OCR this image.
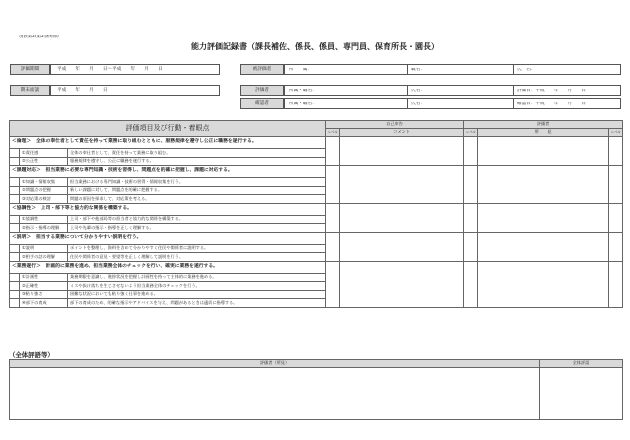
別表第2(第2条関係)
能力評価記録書（課長補佐、係長、係員、専門員、保育所長・園長）
評価期間	平成　　年　　月　　日〜平成　　年　　月　　日	被評価者	所　　属：	職名：	氏　名：
期末面談	平成　　年　　月　　日	評価者	所属・職名：	氏名：	評価日：平成　　年　　月　　日
確認者	所属・職名：	氏名：	確認日：平成　　年　　月　　日
評価項目及び行動・着眼点			自己申告		評価者		
			レベル	コメント	レベル	所　　見	レベル
＜倫理＞　全体の奉仕者として責任を持って業務に取り組むとともに、服務規律を遵守し公正に職務を遂行する。							
	①責任感	全体の奉仕者として、責任を持って業務に取り組む。					
	②公正性	服務規律を遵守し、公正に職務を遂行する。					
＜課題対応＞　担当業務に必要な専門知識・技術を習得し、問題点を的確に把握し、課題に対応する。							
	①知識・情報収集	担当業務における専門知識・技術の習得・情報収集を行う。					
	②問題点の把握	新しい課題に対して、問題点を的確に把握する。					
	③対応策の検討	問題の原因を探求して、対応策を考える。					
＜協調性＞　上司・部下等と協力的な関係を構築する。							
	①協調性	上司・部下や他部局等の担当者と協力的な関係を構築する。					
	②指示・指導の理解	上司や先輩の指示・指導を正しく理解する。					
＜説明＞　担当する業務について分かりやすい説明を行う。							
	①説明	ポイントを整理し、資料を含めて分かりやすく住民や関係者に説明する。					
	②相手の話の理解	住民や関係者の意見・要望等を正しく理解して説明を行う。					
＜業務遂行＞　計画的に業務を進め、担当業務全体のチェックを行い、確実に業務を遂行する。							
	①計画性	業務期限を意識し、進捗状況を把握し計画性を持って主体的に業務を進める。					
	②正確性	ミスや抜け落ちを生じさせないよう担当業務全体のチェックを行う。					
	③粘り強さ	困難な状況においても粘り強く仕事を進める。					
	④部下の育成	部下の育成のため、的確な指示やアドバイスを与え、問題があるときは適切に指導する。					
（全体評語等）
評価者（所見）	全体評語
